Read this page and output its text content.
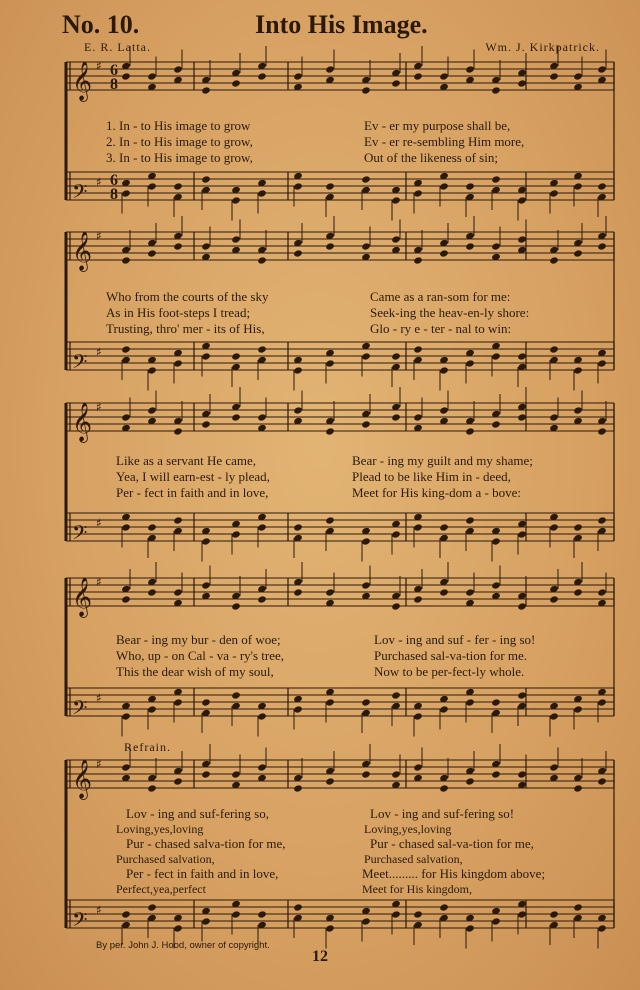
No. 10.	Into His Image.
E. R. Latta.	Wm. J. Kirkpatrick.
𝄞 ♯
𝄢 ♯
𝄞 ♯
𝄢 ♯
𝄞 ♯
𝄢 ♯
𝄞 ♯
𝄢 ♯
𝄞 ♯
𝄢 ♯
6
8
6
8
1. In - to His image to grow	Ev - er my purpose shall be,
2. In - to His image to grow,	Ev - er re-sembling Him more,
3. In - to His image to grow,	Out of the likeness of sin;
Who from the courts of the sky	Came as a ran-som for me:
As in His foot-steps I tread;	Seek-ing the heav-en-ly shore:
Trusting, thro' mer - its of His,	Glo - ry e - ter - nal to win:
Like as a servant He came,	Bear - ing my guilt and my shame;
Yea, I will earn-est - ly plead,	Plead to be like Him in - deed,
Per - fect in faith and in love,	Meet for His king-dom a - bove:
Bear - ing my bur - den of woe;	Lov - ing and suf - fer - ing so!
Who, up - on Cal - va - ry's tree,	Purchased sal-va-tion for me.
This the dear wish of my soul,	Now to be per-fect-ly whole.
Refrain.
Lov - ing and suf-fering so,	Lov - ing and suf-fering so!
Loving,yes,loving	Loving,yes,loving
Pur - chased salva-tion for me,	Pur - chased sal-va-tion for me,
Purchased salvation,	Purchased salvation,
Per - fect in faith and in love,	Meet......... for His kingdom above;
Perfect,yea,perfect	Meet for His kingdom,
By per. John J. Hood, owner of copyright.
12
